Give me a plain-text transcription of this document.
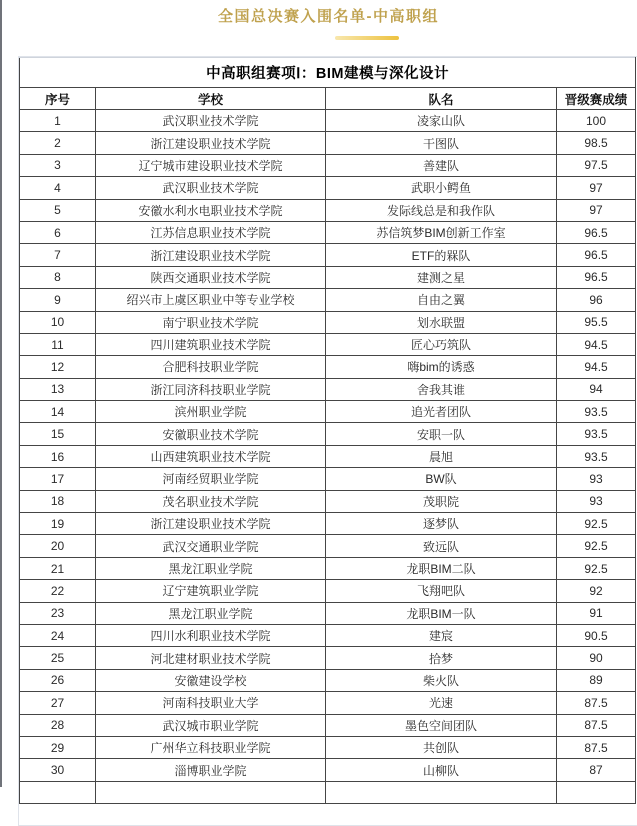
全国总决赛入围名单-中高职组
中高职组赛项Ⅰ：BIM建模与深化设计			
序号	学校	队名	晋级赛成绩
1	武汉职业技术学院	凌家山队	100
2	浙江建设职业技术学院	干图队	98.5
3	辽宁城市建设职业技术学院	善建队	97.5
4	武汉职业技术学院	武职小鳄鱼	97
5	安徽水利水电职业技术学院	发际线总是和我作队	97
6	江苏信息职业技术学院	苏信筑梦BIM创新工作室	96.5
7	浙江建设职业技术学院	ETF的槑队	96.5
8	陕西交通职业技术学院	建测之星	96.5
9	绍兴市上虞区职业中等专业学校	自由之翼	96
10	南宁职业技术学院	划水联盟	95.5
11	四川建筑职业技术学院	匠心巧筑队	94.5
12	合肥科技职业学院	嗨bim的诱惑	94.5
13	浙江同济科技职业学院	舍我其谁	94
14	滨州职业学院	追光者团队	93.5
15	安徽职业技术学院	安职一队	93.5
16	山西建筑职业技术学院	晨旭	93.5
17	河南经贸职业学院	BW队	93
18	茂名职业技术学院	茂职院	93
19	浙江建设职业技术学院	逐梦队	92.5
20	武汉交通职业学院	致远队	92.5
21	黑龙江职业学院	龙职BIM二队	92.5
22	辽宁建筑职业学院	飞翔吧队	92
23	黑龙江职业学院	龙职BIM一队	91
24	四川水利职业技术学院	建宸	90.5
25	河北建材职业技术学院	拾梦	90
26	安徽建设学校	柴火队	89
27	河南科技职业大学	光速	87.5
28	武汉城市职业学院	墨色空间团队	87.5
29	广州华立科技职业学院	共创队	87.5
30	淄博职业学院	山柳队	87
